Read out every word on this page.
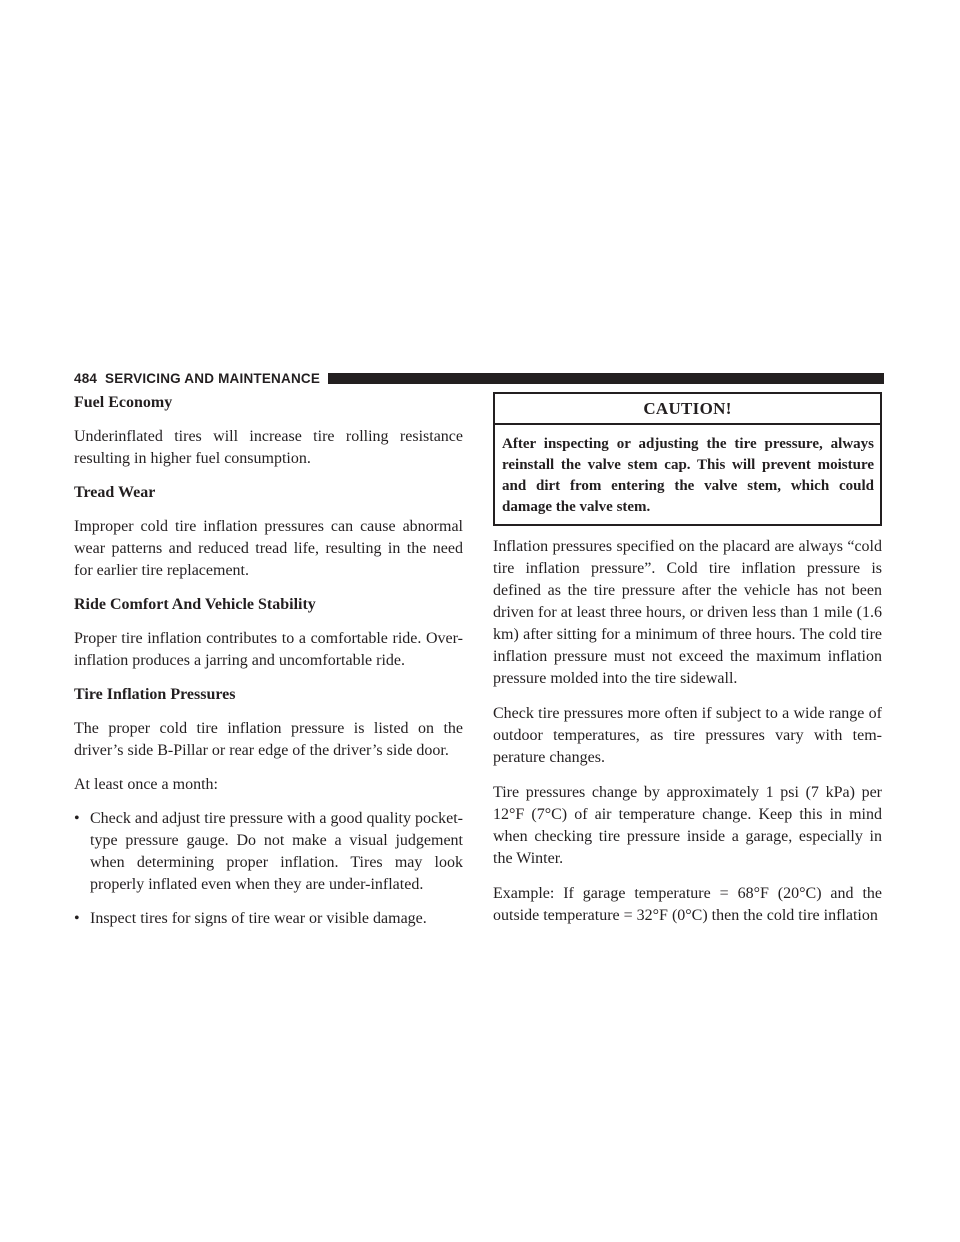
484 SERVICING AND MAINTENANCE
Fuel Economy
Underinflated tires will increase tire rolling resistance resulting in higher fuel consumption.
Tread Wear
Improper cold tire inflation pressures can cause abnormal wear patterns and reduced tread life, resulting in the need for earlier tire replacement.
Ride Comfort And Vehicle Stability
Proper tire inflation contributes to a comfortable ride. Over-inflation produces a jarring and uncomfortable ride.
Tire Inflation Pressures
The proper cold tire inflation pressure is listed on the driver’s side B-Pillar or rear edge of the driver’s side door.
At least once a month:
• Check and adjust tire pressure with a good quality pocket-type pressure gauge. Do not make a visual judgement when determining proper inflation. Tires may look properly inflated even when they are under-inflated.
• Inspect tires for signs of tire wear or visible damage.
CAUTION!
After inspecting or adjusting the tire pressure, always reinstall the valve stem cap. This will prevent moisture and dirt from entering the valve stem, which could damage the valve stem.
Inflation pressures specified on the placard are always “cold tire inflation pressure”. Cold tire inflation pressure is defined as the tire pressure after the vehicle has not been driven for at least three hours, or driven less than 1 mile (1.6 km) after sitting for a minimum of three hours. The cold tire inflation pressure must not exceed the maximum inflation pressure molded into the tire sidewall.
Check tire pressures more often if subject to a wide range of outdoor temperatures, as tire pressures vary with tem-perature changes.
Tire pressures change by approximately 1 psi (7 kPa) per 12°F (7°C) of air temperature change. Keep this in mind when checking tire pressure inside a garage, especially in the Winter.
Example: If garage temperature = 68°F (20°C) and the outside temperature = 32°F (0°C) then the cold tire inflation
